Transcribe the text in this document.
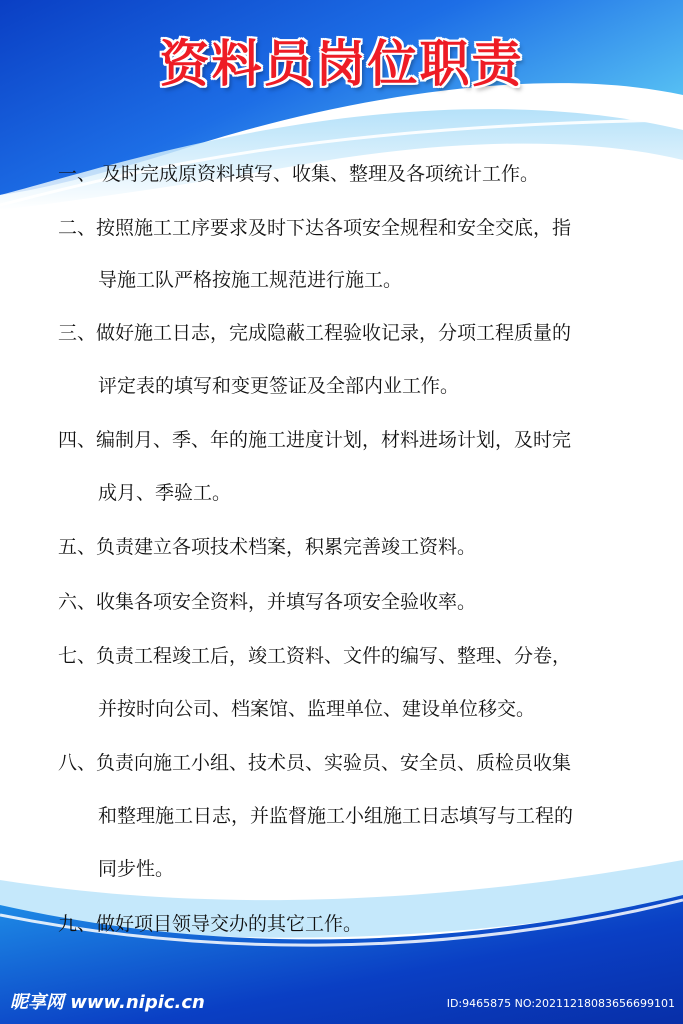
资料员岗位职责
一、 及时完成原资料填写、收集、整理及各项统计工作。
二、按照施工工序要求及时下达各项安全规程和安全交底，指
导施工队严格按施工规范进行施工。
三、做好施工日志，完成隐蔽工程验收记录，分项工程质量的
评定表的填写和变更签证及全部内业工作。
四、编制月、季、年的施工进度计划，材料进场计划，及时完
成月、季验工。
五、负责建立各项技术档案，积累完善竣工资料。
六、收集各项安全资料，并填写各项安全验收率。
七、负责工程竣工后，竣工资料、文件的编写、整理、分卷，
并按时向公司、档案馆、监理单位、建设单位移交。
八、负责向施工小组、技术员、实验员、安全员、质检员收集
和整理施工日志，并监督施工小组施工日志填写与工程的
同步性。
九、做好项目领导交办的其它工作。
昵享网 www.nipic.cn	ID:9465875 NO:20211218083656699101
